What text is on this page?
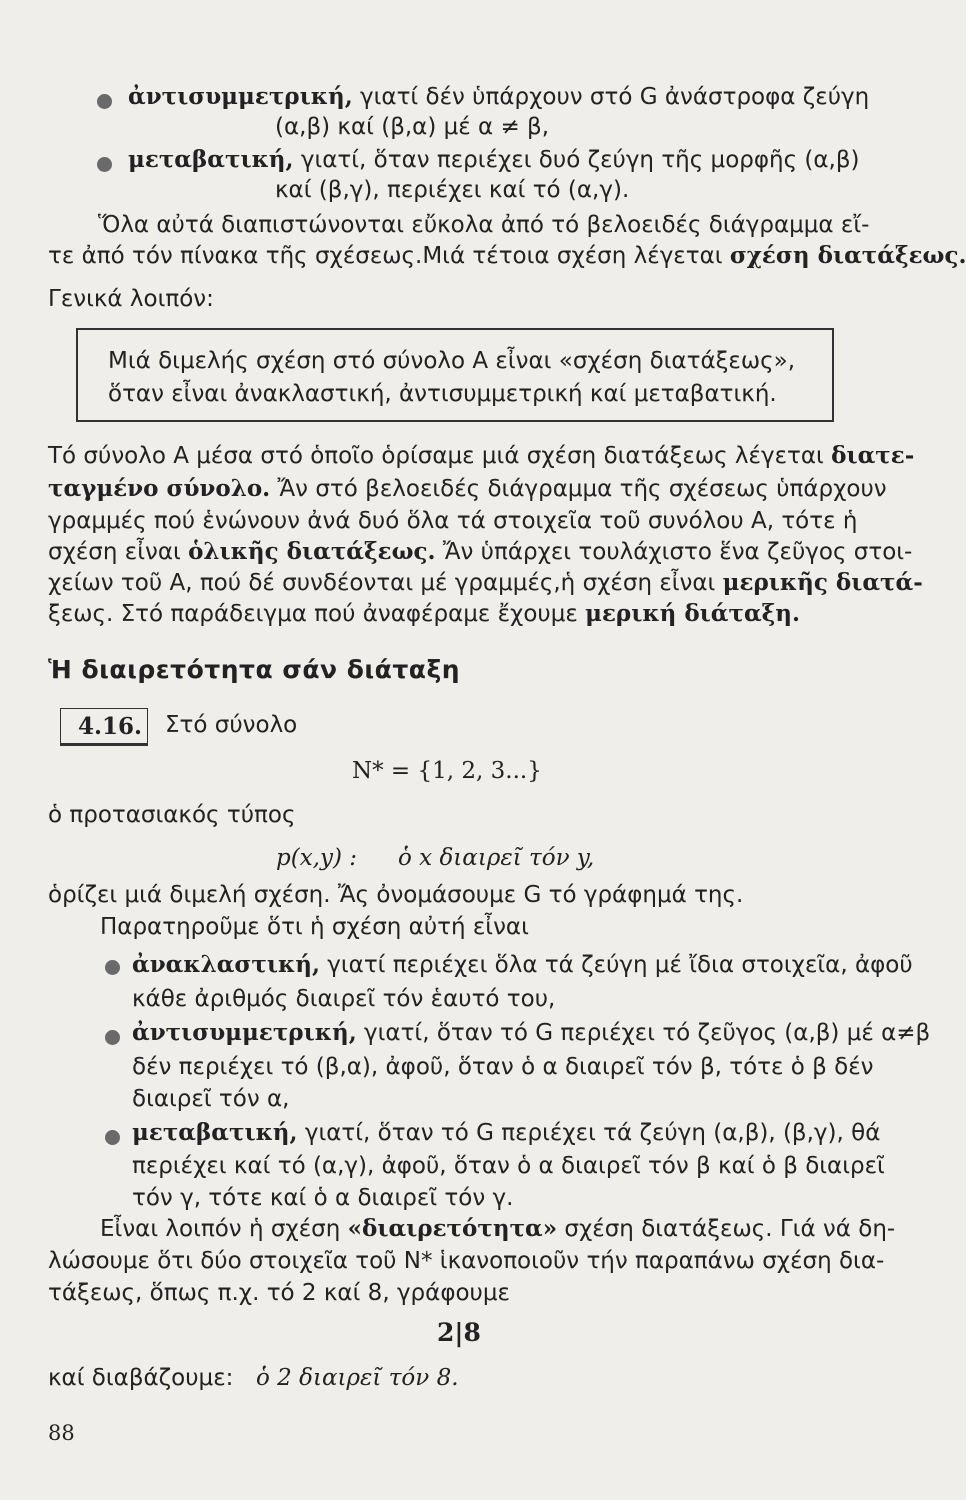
ἀντισυμμετρική, γιατί δέν ὑπάρχουν στό G ἀνάστροφα ζεύγη
(α,β) καί (β,α) μέ α ≠ β,
μεταβατική, γιατί, ὅταν περιέχει δυό ζεύγη τῆς μορφῆς (α,β)
καί (β,γ), περιέχει καί τό (α,γ).
Ὅλα αὐτά διαπιστώνονται εὔκολα ἀπό τό βελοειδές διάγραμμα εἴ-
τε ἀπό τόν πίνακα τῆς σχέσεως.Μιά τέτοια σχέση λέγεται σχέση διατάξεως.
Γενικά λοιπόν:
Μιά διμελής σχέση στό σύνολο Α εἶναι «σχέση διατάξεως»,
ὅταν εἶναι ἀνακλαστική, ἀντισυμμετρική καί μεταβατική.
Τό σύνολο Α μέσα στό ὁποῖο ὁρίσαμε μιά σχέση διατάξεως λέγεται διατε-
ταγμένο σύνολο. Ἄν στό βελοειδές διάγραμμα τῆς σχέσεως ὑπάρχουν
γραμμές πού ἑνώνουν ἀνά δυό ὅλα τά στοιχεῖα τοῦ συνόλου Α, τότε ἡ
σχέση εἶναι ὁλικῆς διατάξεως. Ἄν ὑπάρχει τουλάχιστο ἕνα ζεῦγος στοι-
χείων τοῦ Α, πού δέ συνδέονται μέ γραμμές,ἡ σχέση εἶναι μερικῆς διατά-
ξεως. Στό παράδειγμα πού ἀναφέραμε ἔχουμε μερική διάταξη.
Ἡ διαιρετότητα σάν διάταξη
4.16. Στό σύνολο
N* = {1, 2, 3...}
ὁ προτασιακός τύπος
p(x,y) : ὁ x διαιρεῖ τόν y,
ὁρίζει μιά διμελή σχέση. Ἄς ὀνομάσουμε G τό γράφημά της.
Παρατηροῦμε ὅτι ἡ σχέση αὐτή εἶναι
ἀνακλαστική, γιατί περιέχει ὅλα τά ζεύγη μέ ἴδια στοιχεῖα, ἀφοῦ
κάθε ἀριθμός διαιρεῖ τόν ἑαυτό του,
ἀντισυμμετρική, γιατί, ὅταν τό G περιέχει τό ζεῦγος (α,β) μέ α≠β
δέν περιέχει τό (β,α), ἀφοῦ, ὅταν ὁ α διαιρεῖ τόν β, τότε ὁ β δέν
διαιρεῖ τόν α,
μεταβατική, γιατί, ὅταν τό G περιέχει τά ζεύγη (α,β), (β,γ), θά
περιέχει καί τό (α,γ), ἀφοῦ, ὅταν ὁ α διαιρεῖ τόν β καί ὁ β διαιρεῖ
τόν γ, τότε καί ὁ α διαιρεῖ τόν γ.
Εἶναι λοιπόν ἡ σχέση «διαιρετότητα» σχέση διατάξεως. Γιά νά δη-
λώσουμε ὅτι δύο στοιχεῖα τοῦ N* ἱκανοποιοῦν τήν παραπάνω σχέση δια-
τάξεως, ὅπως π.χ. τό 2 καί 8, γράφουμε
2|8
καί διαβάζουμε: ὁ 2 διαιρεῖ τόν 8.
88
